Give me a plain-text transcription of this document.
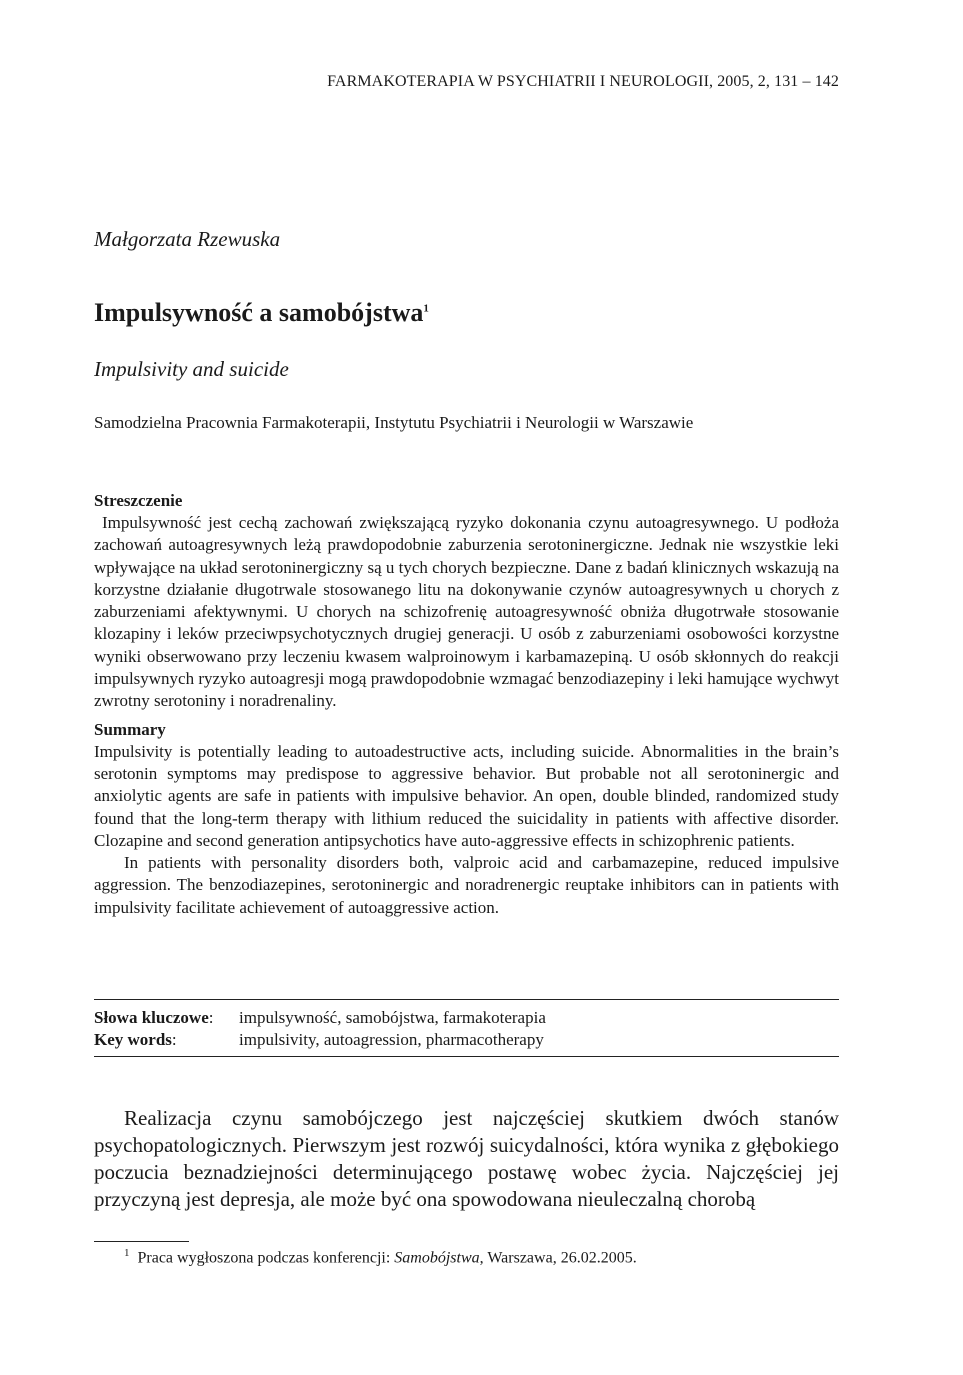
FARMAKOTERAPIA W PSYCHIATRII I NEUROLOGII, 2005, 2, 131 – 142
Małgorzata Rzewuska
Impulsywność a samobójstwa$^1$
Impulsivity and suicide
Samodzielna Pracownia Farmakoterapii, Instytutu Psychiatrii i Neurologii w Warszawie
Streszczenie

Impulsywność jest cechą zachowań zwiększającą ryzyko dokonania czynu autoagresywnego. U podłoża zachowań autoagresywnych leżą prawdopodobnie zaburzenia serotoninergiczne. Jednak nie wszystkie leki wpływające na układ serotoninergiczny są u tych chorych bezpieczne. Dane z badań klinicznych wskazują na korzystne działanie długotrwale stosowanego litu na dokonywanie czynów autoagresywnych u chorych z zaburzeniami afektywnymi. U chorych na schizofrenię autoagresywność obniża długotrwałe stosowanie klozapiny i leków przeciwpsychotycznych drugiej generacji. U osób z zaburzeniami osobowości korzystne wyniki obserwowano przy leczeniu kwasem walproinowym i karbamazepiną. U osób skłonnych do reakcji impulsywnych ryzyko autoagresji mogą prawdopodobnie wzmagać benzodiazepiny i leki hamujące wychwyt zwrotny serotoniny i noradrenaliny.

Summary

Impulsivity is potentially leading to autoadestructive acts, including suicide. Abnormalities in the brain’s serotonin symptoms may predispose to aggressive behavior. But probable not all serotoninergic and anxiolytic agents are safe in patients with impulsive behavior. An open, double blinded, randomized study found that the long-term therapy with lithium reduced the suicidality in patients with affective disorder. Clozapine and second generation antipsychotics have auto-aggressive effects in schizophrenic patients.

In patients with personality disorders both, valproic acid and carbamazepine, reduced impulsive aggression. The benzodiazepines, serotoninergic and noradrenergic reuptake inhibitors can in patients with impulsivity facilitate achievement of autoaggressive action.

Słowa kluczowe:	impulsywność, samobójstwa, farmakoterapia
Key words:	impulsivity, autoagression, pharmacotherapy

Realizacja czynu samobójczego jest najczęściej skutkiem dwóch stanów psychopatologicznych. Pierwszym jest rozwój suicydalności, która wynika z głębokiego poczucia beznadziejności determinującego postawę wobec życia. Najczęściej jej przyczyną jest depresja, ale może być ona spowodowana nieuleczalną chorobą

$^1$ Praca wygłoszona podczas konferencji: Samobójstwa, Warszawa, 26.02.2005.
